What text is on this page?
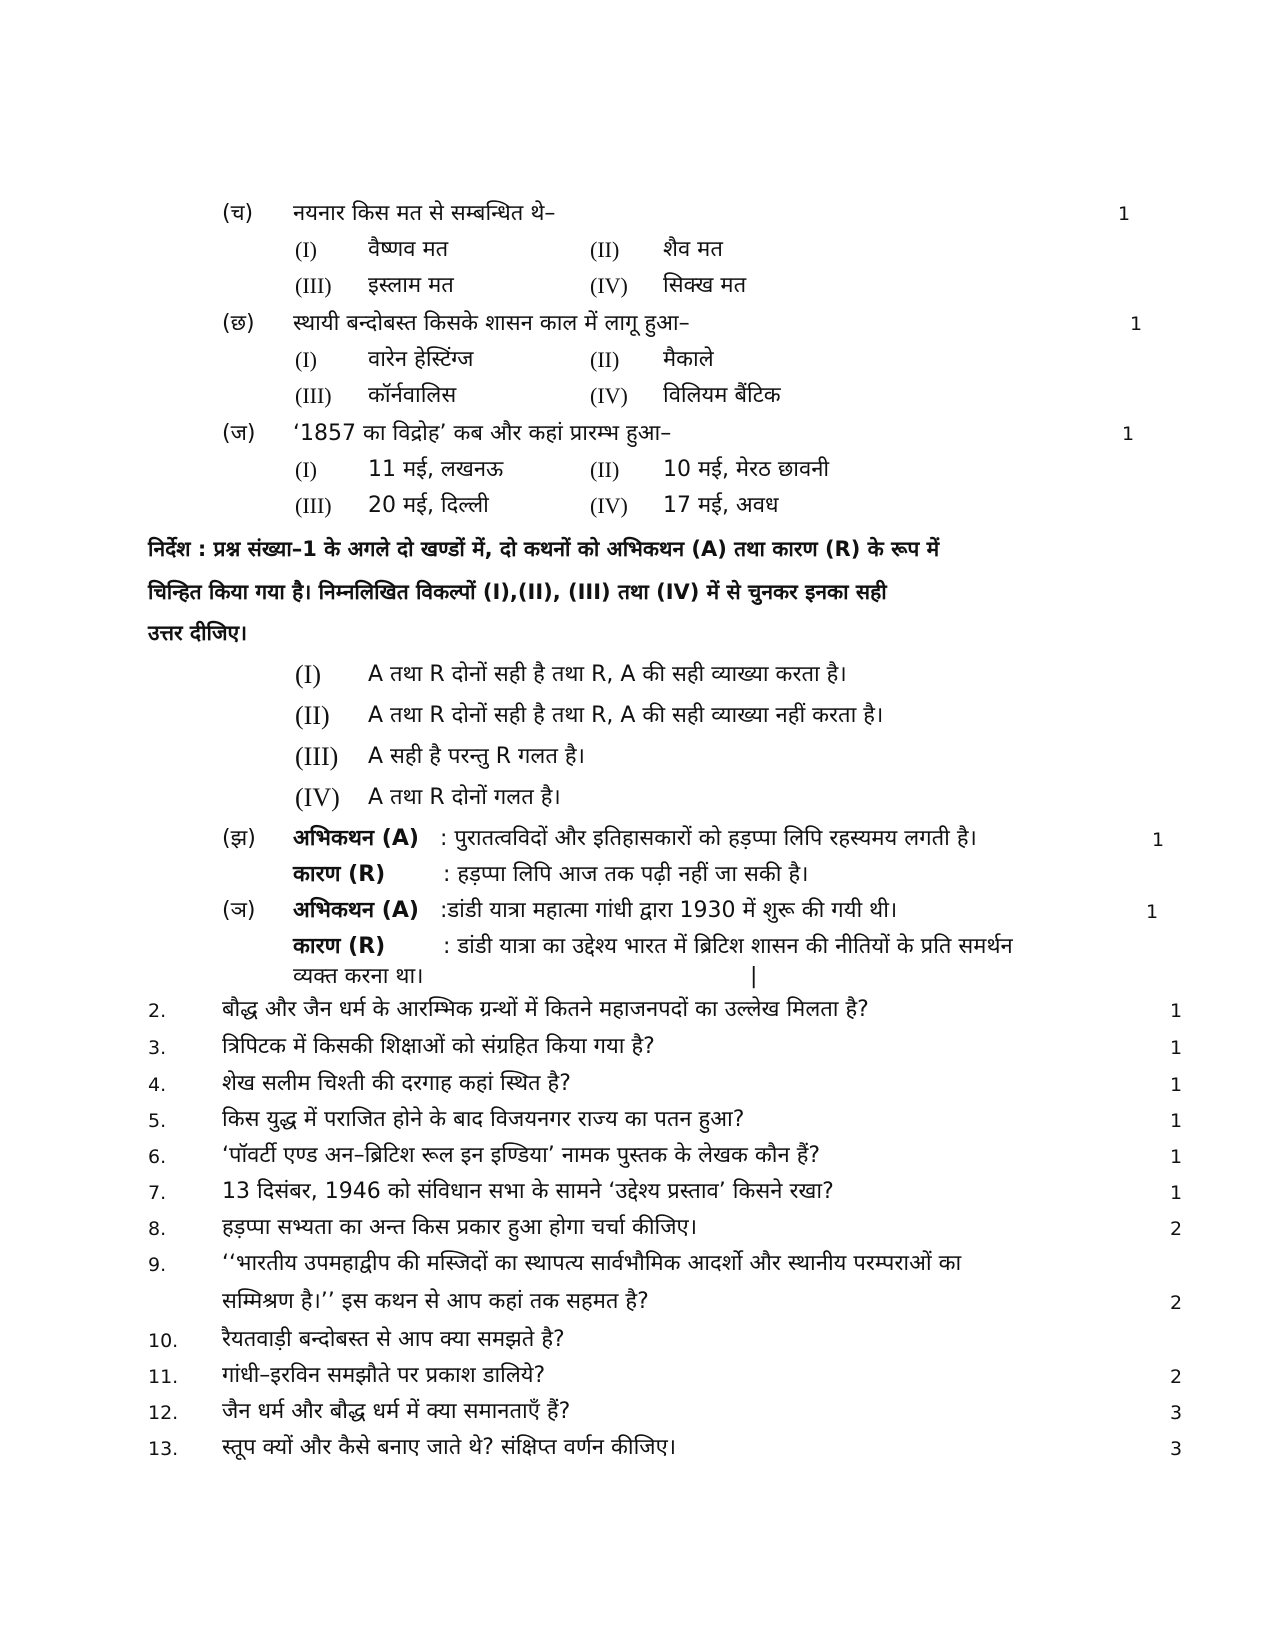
(च) नयनार किस मत से सम्बन्धित थे–	1
(I) वैष्णव मत	(II) शैव मत
(III) इस्लाम मत	(IV) सिक्ख मत
(छ) स्थायी बन्दोबस्त किसके शासन काल में लागू हुआ–	1
(I) वारेन हेस्टिंग्ज	(II) मैकाले
(III) कॉर्नवालिस	(IV) विलियम बैंटिक
(ज) ‘1857 का विद्रोह’ कब और कहां प्रारम्भ हुआ–	1
(I) 11 मई, लखनऊ	(II) 10 मई, मेरठ छावनी
(III) 20 मई, दिल्ली	(IV) 17 मई, अवध
निर्देश : प्रश्न संख्या–1 के अगले दो खण्डों में, दो कथनों को अभिकथन (A) तथा कारण (R) के रूप में
चिन्हित किया गया है। निम्नलिखित विकल्पों (I),(II), (III) तथा (IV) में से चुनकर इनका सही
उत्तर दीजिए।
(I) A तथा R दोनों सही है तथा R, A की सही व्याख्या करता है।
(II) A तथा R दोनों सही है तथा R, A की सही व्याख्या नहीं करता है।
(III) A सही है परन्तु R गलत है।
(IV) A तथा R दोनों गलत है।
(झ) अभिकथन (A) : पुरातत्वविदों और इतिहासकारों को हड़प्पा लिपि रहस्यमय लगती है।	1
कारण (R)	: हड़प्पा लिपि आज तक पढ़ी नहीं जा सकी है।
(ञ) अभिकथन (A) :डांडी यात्रा महात्मा गांधी द्वारा 1930 में शुरू की गयी थी।	1
कारण (R)	: डांडी यात्रा का उद्देश्य भारत में ब्रिटिश शासन की नीतियों के प्रति समर्थन
व्यक्त करना था।	|
2.	बौद्ध और जैन धर्म के आरम्भिक ग्रन्थों में कितने महाजनपदों का उल्लेख मिलता है?	1
3.	त्रिपिटक में किसकी शिक्षाओं को संग्रहित किया गया है?	1
4.	शेख सलीम चिश्ती की दरगाह कहां स्थित है?	1
5.	किस युद्ध में पराजित होने के बाद विजयनगर राज्य का पतन हुआ?	1
6.	‘पॉवर्टी एण्ड अन–ब्रिटिश रूल इन इण्डिया’ नामक पुस्तक के लेखक कौन हैं?	1
7.	13 दिसंबर, 1946 को संविधान सभा के सामने ‘उद्देश्य प्रस्ताव’ किसने रखा?	1
8.	हड़प्पा सभ्यता का अन्त किस प्रकार हुआ होगा चर्चा कीजिए।	2
9.	‘‘भारतीय उपमहाद्वीप की मस्जिदों का स्थापत्य सार्वभौमिक आदर्शो और स्थानीय परम्पराओं का
सम्मिश्रण है।’’ इस कथन से आप कहां तक सहमत है?	2
10. रैयतवाड़ी बन्दोबस्त से आप क्या समझते है?
11. गांधी–इरविन समझौते पर प्रकाश डालिये?	2
12. जैन धर्म और बौद्ध धर्म में क्या समानताएँ हैं?	3
13. स्तूप क्यों और कैसे बनाए जाते थे? संक्षिप्त वर्णन कीजिए।	3
